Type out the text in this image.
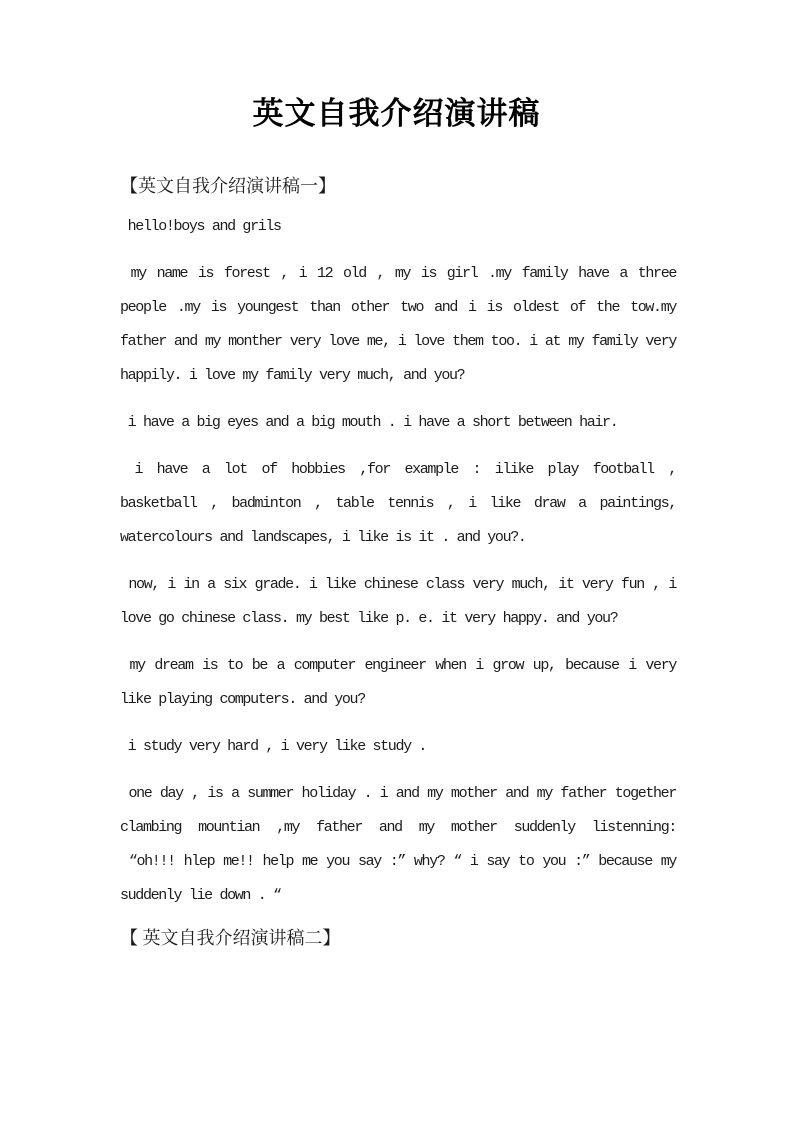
英文自我介绍演讲稿
【英文自我介绍演讲稿一】
hello!boys and grils
my name is forest , i 12 old , my is girl .my family have a three
people .my is youngest than other two and i is oldest of the tow.my
father and my monther very love me, i love them too. i at my family very
happily. i love my family very much, and you?
i have a big eyes and a big mouth . i have a short between hair.
i have a lot of hobbies ,for example : ilike play football ,
basketball , badminton , table tennis , i like draw a paintings,
watercolours and landscapes, i like is it . and you?.
now, i in a six grade. i like chinese class very much, it very fun , i
love go chinese class. my best like p. e. it very happy. and you?
my dream is to be a computer engineer when i grow up, because i very
like playing computers. and you?
i study very hard , i very like study .
one day , is a summer holiday . i and my mother and my father together
clambing mountian ,my father and my mother suddenly listenning:
“oh!!! hlep me!! help me you say :” why? “ i say to you :” because my
suddenly lie down . “
【 英文自我介绍演讲稿二】
